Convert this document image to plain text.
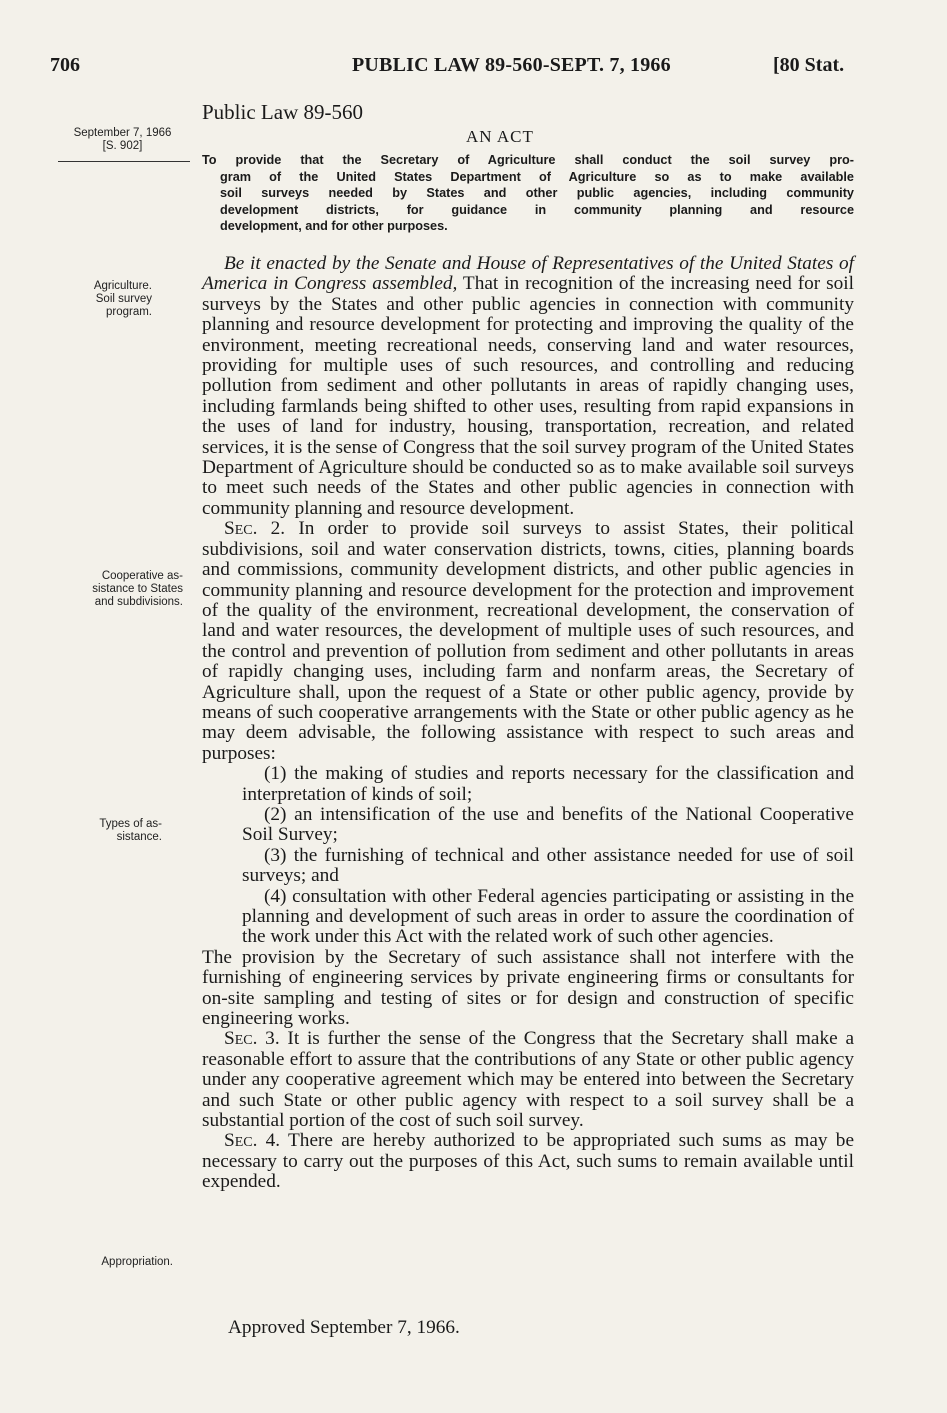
706	PUBLIC LAW 89-560-SEPT. 7, 1966	[80 Stat.
September 7, 1966
[S. 902]
Agriculture.
Soil survey
program.
Cooperative as-
sistance to States
and subdivisions.
Types of as-
sistance.
Appropriation.
Public Law 89-560
AN ACT
To provide that the Secretary of Agriculture shall conduct the soil survey pro-
gram of the United States Department of Agriculture so as to make available
soil surveys needed by States and other public agencies, including community
development districts, for guidance in community planning and resource
development, and for other purposes.

Be it enacted by the Senate and House of Representatives of the United States of America in Congress assembled, That in recognition of the increasing need for soil surveys by the States and other public agencies in connection with community planning and resource development for protecting and improving the quality of the environment, meeting recreational needs, conserving land and water resources, providing for multiple uses of such resources, and controlling and reducing pollution from sediment and other pollutants in areas of rapidly changing uses, including farmlands being shifted to other uses, resulting from rapid expansions in the uses of land for industry, housing, transportation, recreation, and related services, it is the sense of Congress that the soil survey program of the United States Department of Agriculture should be conducted so as to make available soil surveys to meet such needs of the States and other public agencies in connection with community planning and resource development.

Sec. 2. In order to provide soil surveys to assist States, their political subdivisions, soil and water conservation districts, towns, cities, planning boards and commissions, community development districts, and other public agencies in community planning and resource development for the protection and improvement of the quality of the environment, recreational development, the conservation of land and water resources, the development of multiple uses of such resources, and the control and prevention of pollution from sediment and other pollutants in areas of rapidly changing uses, including farm and nonfarm areas, the Secretary of Agriculture shall, upon the request of a State or other public agency, provide by means of such cooperative arrangements with the State or other public agency as he may deem advisable, the following assistance with respect to such areas and purposes:

(1) the making of studies and reports necessary for the classification and interpretation of kinds of soil;

(2) an intensification of the use and benefits of the National Cooperative Soil Survey;

(3) the furnishing of technical and other assistance needed for use of soil surveys; and

(4) consultation with other Federal agencies participating or assisting in the planning and development of such areas in order to assure the coordination of the work under this Act with the related work of such other agencies.

The provision by the Secretary of such assistance shall not interfere with the furnishing of engineering services by private engineering firms or consultants for on-site sampling and testing of sites or for design and construction of specific engineering works.

Sec. 3. It is further the sense of the Congress that the Secretary shall make a reasonable effort to assure that the contributions of any State or other public agency under any cooperative agreement which may be entered into between the Secretary and such State or other public agency with respect to a soil survey shall be a substantial portion of the cost of such soil survey.

Sec. 4. There are hereby authorized to be appropriated such sums as may be necessary to carry out the purposes of this Act, such sums to remain available until expended.

Approved September 7, 1966.
